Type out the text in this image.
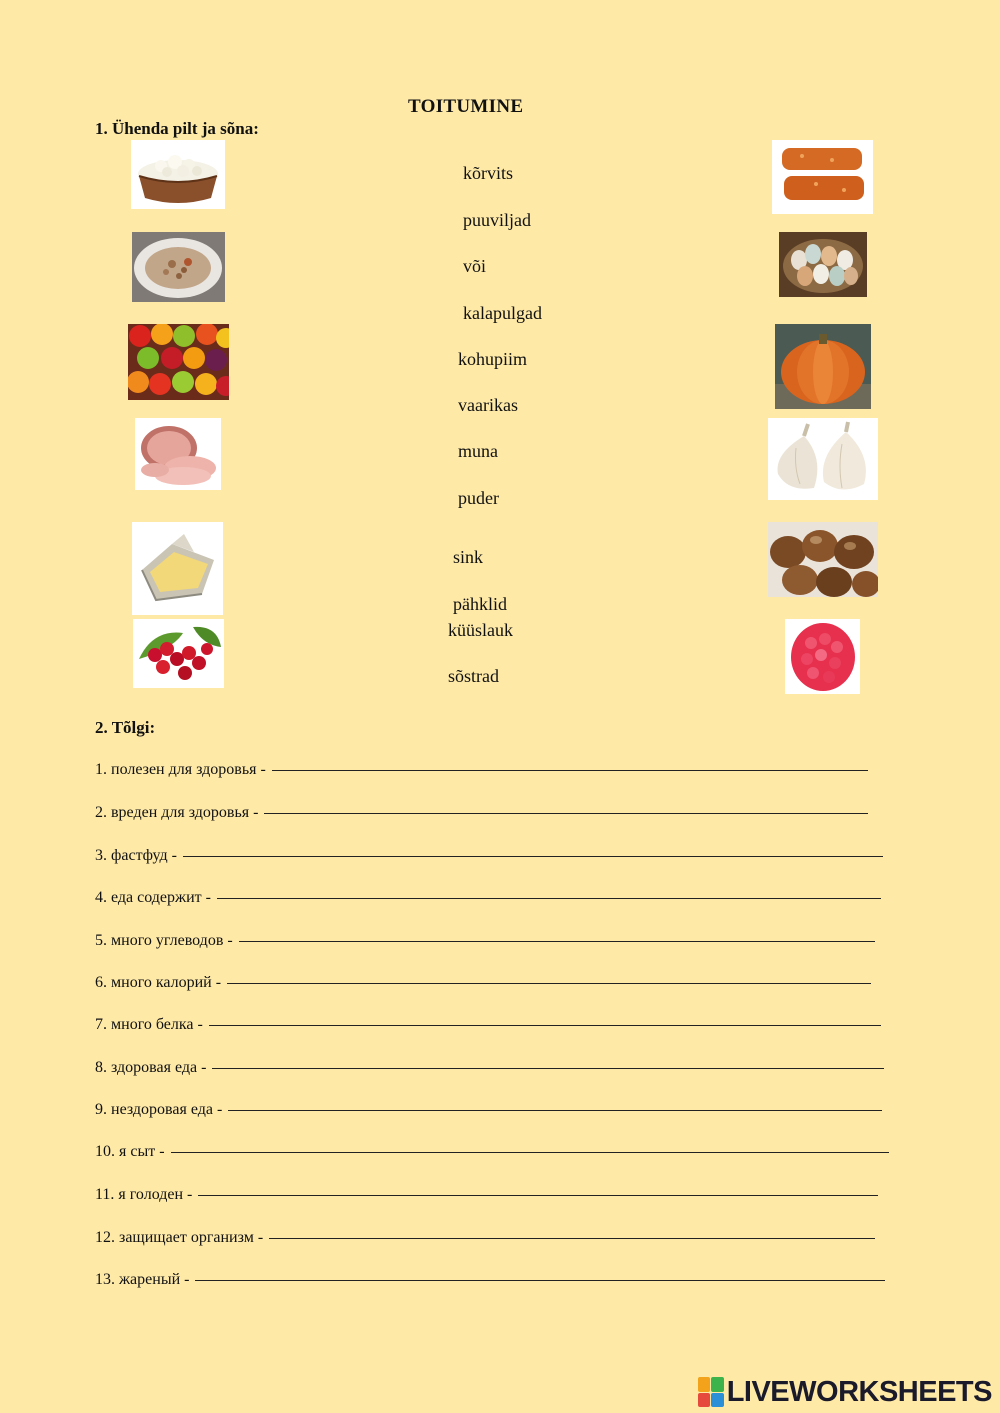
TOITUMINE
1. Ühenda pilt ja sõna:
kõrvits
puuviljad
või
kalapulgad
kohupiim
vaarikas
muna
puder
sink
pähklid
küüslauk
sõstrad
2. Tõlgi:
1. полезен для здоровья -
2. вреден для здоровья -
3. фастфуд -
4. еда содержит -
5. много углеводов -
6. много калорий -
7. много белка -
8. здоровая еда -
9. нездоровая еда -
10. я сыт -
11. я голоден -
12. защищает организм -
13. жареный -
LIVEWORKSHEETS
